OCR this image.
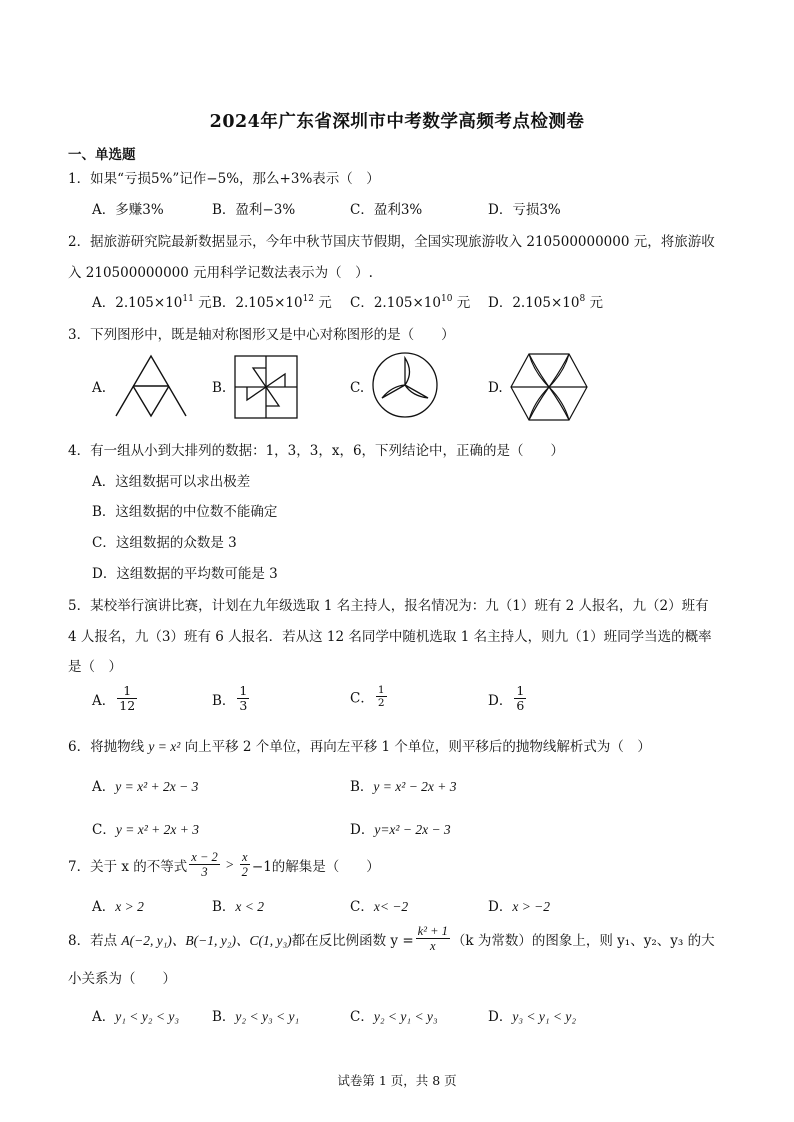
2024年广东省深圳市中考数学高频考点检测卷
一、单选题
1．如果“亏损5%”记作−5%，那么+3%表示（　）
A．多赚3%	B．盈利−3%	C．盈利3%	D．亏损3%
2．据旅游研究院最新数据显示，今年中秋节国庆节假期，全国实现旅游收入 210500000000 元，将旅游收
入 210500000000 元用科学记数法表示为（　）.
A．$2.105\times 10^{11}$ 元 B．$2.105\times 10^{12}$ 元 C．$2.105\times 10^{10}$ 元 D．$2.105\times 10^8$ 元
3．下列图形中，既是轴对称图形又是中心对称图形的是（　　）
A.	B.	C.	D.
4．有一组从小到大排列的数据：1，3，3，x，6，下列结论中，正确的是（　　）
A．这组数据可以求出极差
B．这组数据的中位数不能确定
C．这组数据的众数是 3
D．这组数据的平均数可能是 3
5．某校举行演讲比赛，计划在九年级选取 1 名主持人，报名情况为：九（1）班有 2 人报名，九（2）班有
4 人报名，九（3）班有 6 人报名．若从这 12 名同学中随机选取 1 名主持人，则九（1）班同学当选的概率
是（　）
A． $\frac{1}{12}$	B． $\frac{1}{3}$	C． $\frac{1}{2}$	D． $\frac{1}{6}$
6．将抛物线 y = x² 向上平移 2 个单位，再向左平移 1 个单位，则平移后的抛物线解析式为（　）
A．y = x² + 2x − 3	B．y = x² − 2x + 3
C．y = x² + 2x + 3	D．y=x² − 2x − 3
7．关于 x 的不等式 $\frac{x - 2}{3} > \frac{x}{2} -1$的解集是（　　）
A．x > 2	B．x < 2	C．x< −2	D．x > −2
8．若点 A(−2, y₁)、B(−1, y₂)、C(1, y₃)都在反比例函数 $y = \frac{\text{k² + 1}}{x} (k$ 为常数）的图象上，则 y₁、y₂、y₃ 的大
小关系为（　　）
A．y₁ < y₂ < y₃ B．y₂ < y₃ < y₁	C．y₂ < y₁ < y₃	D．y₃ < y₁ < y₂
试卷第 1 页，共 8 页
